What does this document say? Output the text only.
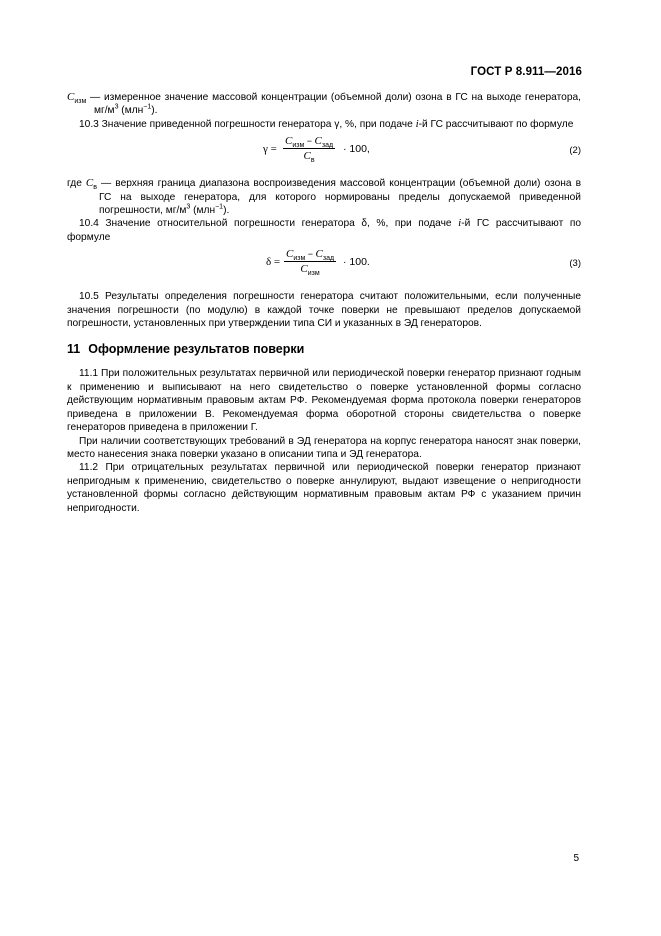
ГОСТ Р 8.911—2016

$C_{изм}$ — измеренное значение массовой концентрации (объемной доли) озона в ГС на выходе генератора, $мг/м^3$ (млн$^{-1}$).

10.3 Значение приведенной погрешности генератора γ, %, при подаче i-й ГС рассчитывают по формуле

γ =
$C_{изм} - C_{зад}$
$C_в$
· 100,	(2)

где $C_в$ — верхняя граница диапазона воспроизведения массовой концентрации (объемной доли) озона в ГС на выходе генератора, для которого нормированы пределы допускаемой приведенной погрешности, $мг/м^3$ (млн$^{-1}$).

10.4 Значение относительной погрешности генератора δ, %, при подаче i-й ГС рассчитывают по формуле

δ =
$C_{изм} - C_{зад}$
$C_{изм}$
· 100.	(3)

10.5 Результаты определения погрешности генератора считают положительными, если полученные значения погрешности (по модулю) в каждой точке поверки не превышают пределов допускаемой погрешности, установленных при утверждении типа СИ и указанных в ЭД генераторов.

11 Оформление результатов поверки

11.1 При положительных результатах первичной или периодической поверки генератор признают годным к применению и выписывают на него свидетельство о поверке установленной формы согласно действующим нормативным правовым актам РФ. Рекомендуемая форма протокола поверки генераторов приведена в приложении В. Рекомендуемая форма оборотной стороны свидетельства о поверке генераторов приведена в приложении Г.

При наличии соответствующих требований в ЭД генератора на корпус генератора наносят знак поверки, место нанесения знака поверки указано в описании типа и ЭД генератора.

11.2 При отрицательных результатах первичной или периодической поверки генератор признают непригодным к применению, свидетельство о поверке аннулируют, выдают извещение о непригодности установленной формы согласно действующим нормативным правовым актам РФ с указанием причин непригодности.

5
